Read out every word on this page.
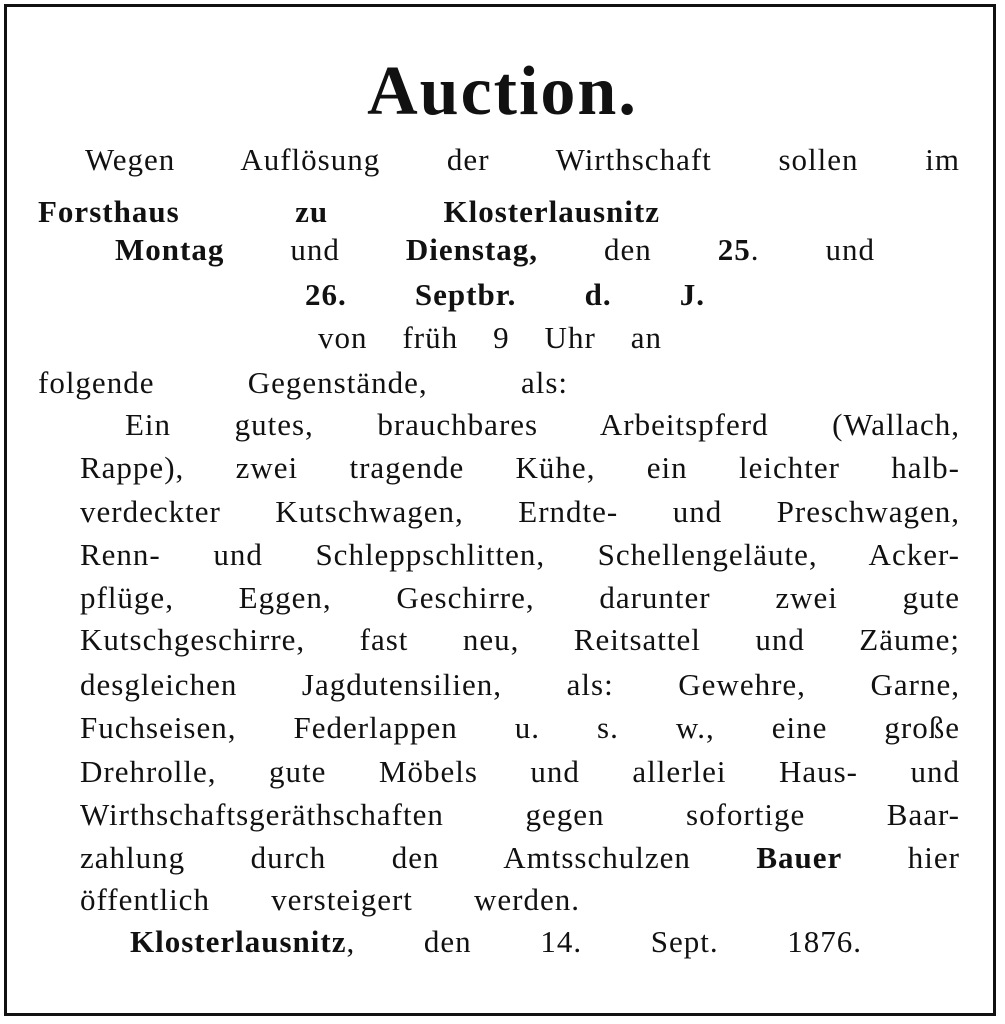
Auction.
Wegen Auflösung der Wirthschaft sollen im
Forsthaus zu Klosterlausnitz
Montag und Dienstag, den 25. und
26. Septbr. d. J.
von früh 9 Uhr an
folgende Gegenstände, als:
Ein gutes, brauchbares Arbeitspferd (Wallach,
Rappe), zwei tragende Kühe, ein leichter halb-
verdeckter Kutschwagen, Erndte- und Preschwagen,
Renn- und Schleppschlitten, Schellengeläute, Acker-
pflüge, Eggen, Geschirre, darunter zwei gute
Kutschgeschirre, fast neu, Reitsattel und Zäume;
desgleichen Jagdutensilien, als: Gewehre, Garne,
Fuchseisen, Federlappen u. s. w., eine große
Drehrolle, gute Möbels und allerlei Haus- und
Wirthschaftsgeräthschaften gegen sofortige Baar-
zahlung durch den Amtsschulzen Bauer hier
öffentlich versteigert werden.
Klosterlausnitz, den 14. Sept. 1876.
